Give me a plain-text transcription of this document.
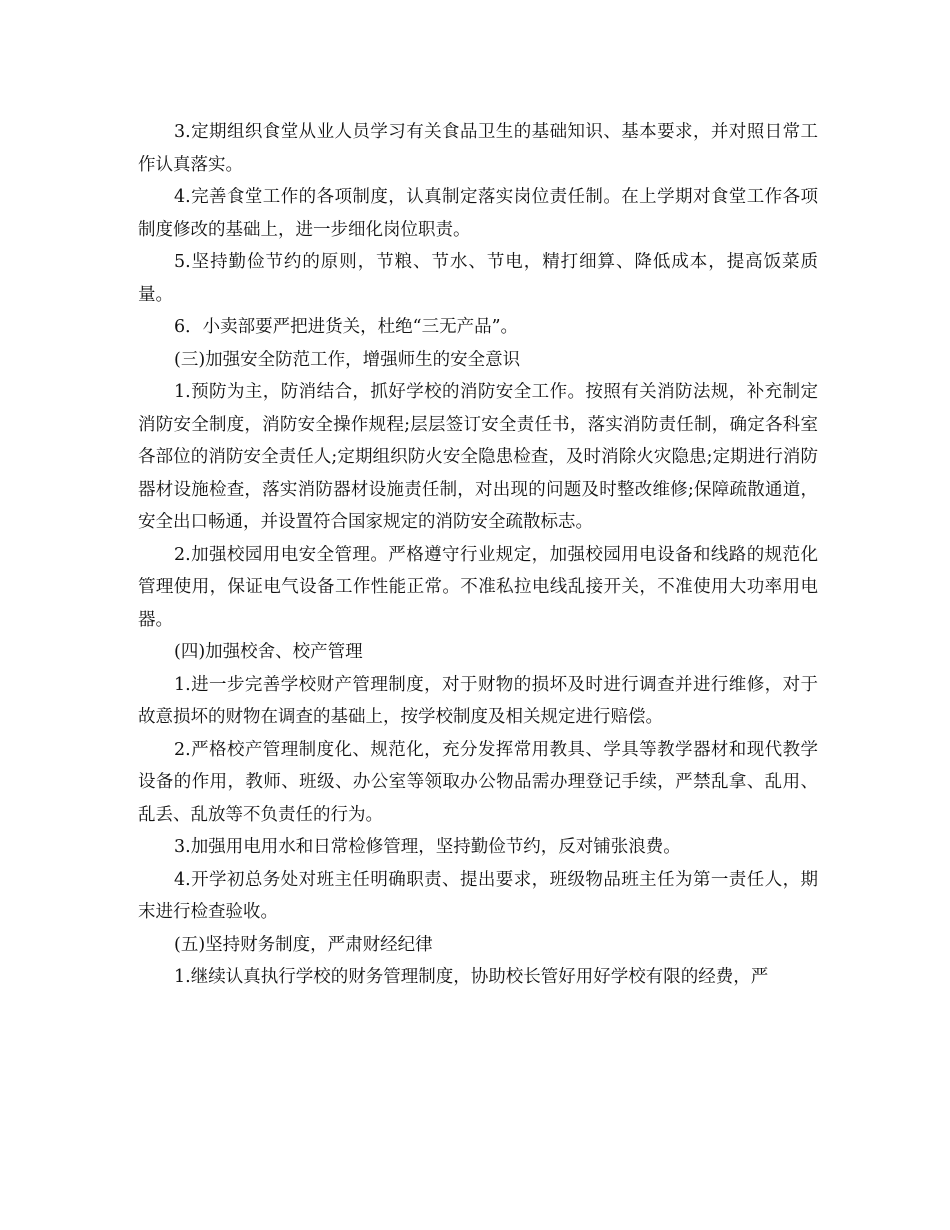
3.定期组织食堂从业人员学习有关食品卫生的基础知识、基本要求，并对照日常工作认真落实。

4.完善食堂工作的各项制度，认真制定落实岗位责任制。在上学期对食堂工作各项制度修改的基础上，进一步细化岗位职责。

5.坚持勤俭节约的原则，节粮、节水、节电，精打细算、降低成本，提高饭菜质量。

6．小卖部要严把进货关，杜绝“三无产品”。

(三)加强安全防范工作，增强师生的安全意识

1.预防为主，防消结合，抓好学校的消防安全工作。按照有关消防法规，补充制定消防安全制度，消防安全操作规程;层层签订安全责任书，落实消防责任制，确定各科室各部位的消防安全责任人;定期组织防火安全隐患检查，及时消除火灾隐患;定期进行消防器材设施检查，落实消防器材设施责任制，对出现的问题及时整改维修;保障疏散通道，安全出口畅通，并设置符合国家规定的消防安全疏散标志。

2.加强校园用电安全管理。严格遵守行业规定，加强校园用电设备和线路的规范化管理使用，保证电气设备工作性能正常。不准私拉电线乱接开关，不准使用大功率用电器。

(四)加强校舍、校产管理

1.进一步完善学校财产管理制度，对于财物的损坏及时进行调查并进行维修，对于故意损坏的财物在调查的基础上，按学校制度及相关规定进行赔偿。

2.严格校产管理制度化、规范化，充分发挥常用教具、学具等教学器材和现代教学设备的作用，教师、班级、办公室等领取办公物品需办理登记手续，严禁乱拿、乱用、乱丢、乱放等不负责任的行为。

3.加强用电用水和日常检修管理，坚持勤俭节约，反对铺张浪费。

4.开学初总务处对班主任明确职责、提出要求，班级物品班主任为第一责任人，期末进行检查验收。

(五)坚持财务制度，严肃财经纪律

1.继续认真执行学校的财务管理制度，协助校长管好用好学校有限的经费，严
